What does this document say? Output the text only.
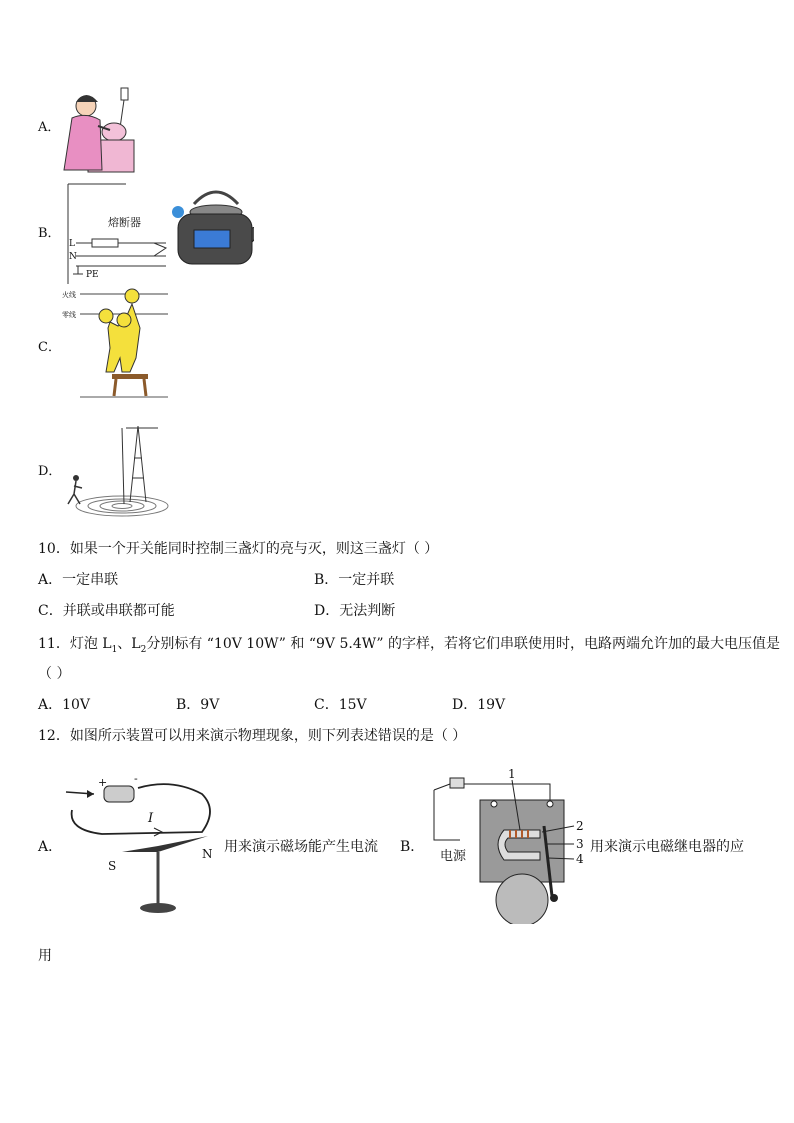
A．
B．
熔断器
L
N
PE
C．
火线
零线
D．
10．如果一个开关能同时控制三盏灯的亮与灭，则这三盏灯（ ）
A．一定串联	B．一定并联
C．并联或串联都可能	D．无法判断
11．灯泡 $L_1$、$L_2$分别标有 “10V 10W” 和 “9V 5.4W” 的字样，若将它们串联使用时，电路两端允许加的最大电压值是
（ ）
A．10V	B．9V	C．15V	D．19V
12．如图所示装置可以用来演示物理现象，则下列表述错误的是（ ）
A．
+ -
I
S
N 用来演示磁场能产生电流 B．
电源
1
2
3
4
用来演示电磁继电器的应
用
